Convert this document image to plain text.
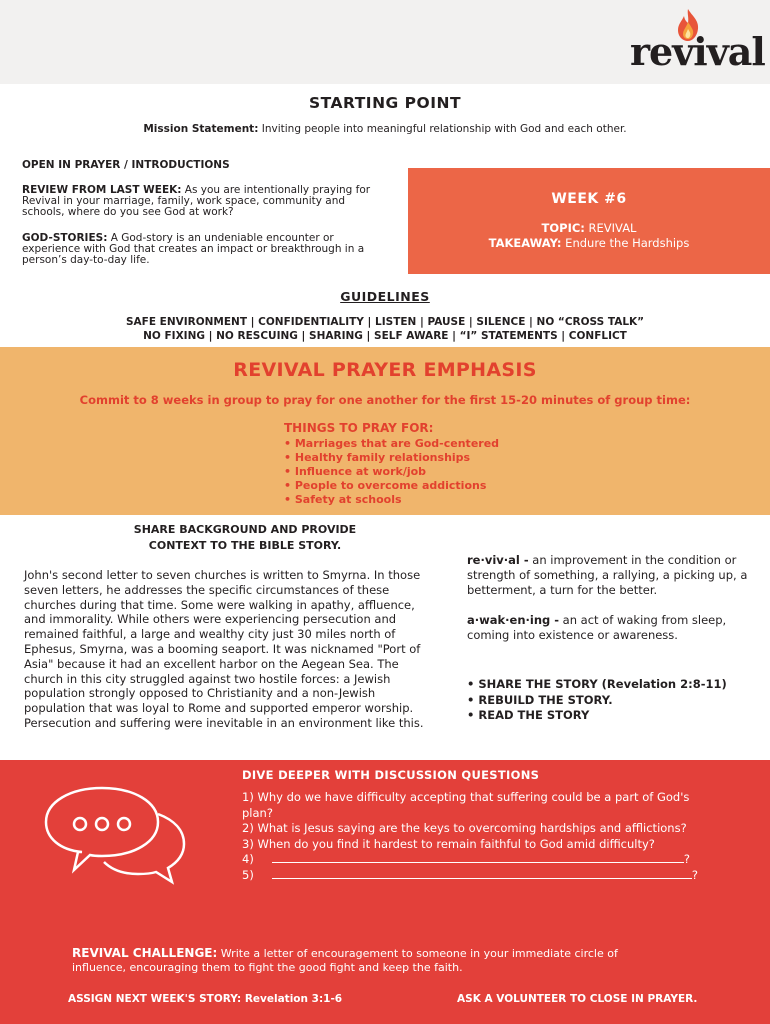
revival
STARTING POINT
Mission Statement: Inviting people into meaningful relationship with God and each other.
OPEN IN PRAYER / INTRODUCTIONS

REVIEW FROM LAST WEEK: As you are intentionally praying for Revival in your marriage, family, work space, community and schools, where do you see God at work?

GOD-STORIES: A God-story is an undeniable encounter or experience with God that creates an impact or breakthrough in a person’s day-to-day life.

WEEK #6
TOPIC: REVIVAL
TAKEAWAY: Endure the Hardships
GUIDELINES
SAFE ENVIRONMENT | CONFIDENTIALITY | LISTEN | PAUSE | SILENCE | NO “CROSS TALK”
NO FIXING | NO RESCUING | SHARING | SELF AWARE | “I” STATEMENTS | CONFLICT
REVIVAL PRAYER EMPHASIS
Commit to 8 weeks in group to pray for one another for the first 15-20 minutes of group time:
THINGS TO PRAY FOR:
• Marriages that are God-centered
• Healthy family relationships
• Influence at work/job
• People to overcome addictions
• Safety at schools
SHARE BACKGROUND AND PROVIDE
CONTEXT TO THE BIBLE STORY.
John's second letter to seven churches is written to Smyrna. In those seven letters, he addresses the specific circumstances of these churches during that time. Some were walking in apathy, affluence, and immorality. While others were experiencing persecution and remained faithful, a large and wealthy city just 30 miles north of Ephesus, Smyrna, was a booming seaport. It was nicknamed "Port of Asia" because it had an excellent harbor on the Aegean Sea. The church in this city struggled against two hostile forces: a Jewish population strongly opposed to Christianity and a non-Jewish population that was loyal to Rome and supported emperor worship. Persecution and suffering were inevitable in an environment like this.

re·viv·al - an improvement in the condition or strength of something, a rallying, a picking up, a betterment, a turn for the better.

a·wak·en·ing - an act of waking from sleep, coming into existence or awareness.

• SHARE THE STORY (Revelation 2:8-11)
• REBUILD THE STORY.
• READ THE STORY
DIVE DEEPER WITH DISCUSSION QUESTIONS
1) Why do we have difficulty accepting that suffering could be a part of God's plan?
2) What is Jesus saying are the keys to overcoming hardships and afflictions?
3) When do you find it hardest to remain faithful to God amid difficulty?
4)	?
5)	?
REVIVAL CHALLENGE: Write a letter of encouragement to someone in your immediate circle of influence, encouraging them to fight the good fight and keep the faith.
ASSIGN NEXT WEEK'S STORY: Revelation 3:1-6	ASK A VOLUNTEER TO CLOSE IN PRAYER.
